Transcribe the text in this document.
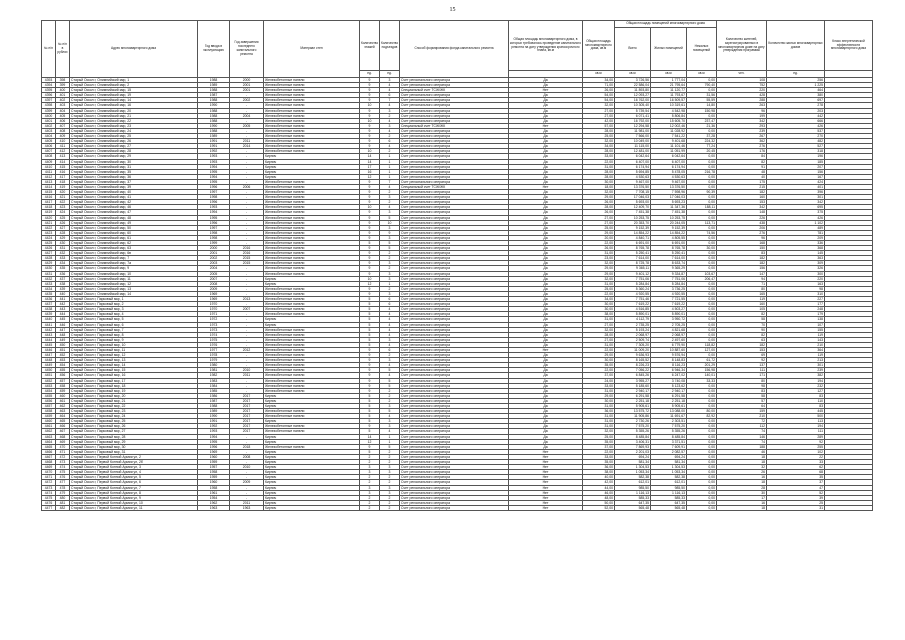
15
№ п/п	№ п/п в рублях	Адрес многоквартирного дома	Год ввода в эксплуатацию	Год завершения последнего капитального ремонта	Материал стен	Количество этажей	Количество подъездов	Способ формирования фонда капитального ремонта	Общая площадь многоквартирного дома, в которых требовалось проведение капитального ремонта на дату утверждения краткосрочного плана, кв.м	Общая площадь многоквартирного дома, кв.м	Общая площадь помещений многоквартирного дома			Количество жителей, зарегистрированных в многоквартирном доме на дату утверждения программы	Количество жилых многоквартирных домов	Класс энергетической эффективности многоквартирного дома
											Всего	Жилых помещений	Нежилых помещений			
						ед.	ед.			кв.м	кв.м	кв.м	кв.м	чел.	ед.	
4393	398	Старый Оскол г, Олимпийский мкр, 1	1988	2000	Железобетонные панели	9	3	Счет регионального оператора	Да	34,00	3 726,56	1 777,04	0,00	108	256	
4394	399	Старый Оскол г, Олимпийский мкр, 2	1989	2001	Железобетонные панели	9	4	Счет регионального оператора	Да	71,00	22 586,04	21 795,64	790,40	752	1 225	
4395	400	Старый Оскол г, Олимпийский мкр, 15	1988	2001	Железобетонные панели	9	4	Специальный счет ТСЖ/ЖК	Нет	26,00	11 893,80	11 120,77	0,00	220	464	
4396	401	Старый Оскол г, Олимпийский мкр, 19	1987	-	Железобетонные панели	9	6	Счет регионального оператора	Да	54,00	12 093,27	11 793,67	31,56	428	380	
4397	402	Старый Оскол г, Олимпийский мкр, 14	1988	2002	Железобетонные панели	9	7	Счет регионального оператора	Да	54,00	16 762,00	16 509,57	55,59	288	697	
4398	403	Старый Оскол г, Олимпийский мкр, 16	1990	-	Железобетонные панели	10	4	Счет регионального оператора	Да	32,00	10 305,40	10 319,61	14,80	263	278	
4399	404	Старый Оскол г, Олимпийский мкр, 20	1988	-	Железобетонные панели	9	3	Счет регионального оператора	Да	27,00	5 739,54	4 542,98	150,98	96	203	
4400	405	Старый Оскол г, Олимпийский мкр, 21	1988	2004	Железобетонные панели	9	2	Счет регионального оператора	Да	27,00	6 071,41	5 806,84	0,00	199	442	
4401	406	Старый Оскол г, Олимпийский мкр, 22	1988	-	Железобетонные панели	10	4	Счет регионального оператора	Да	42,00	16 792,00	15 605,70	237,47	342	666	
4402	407	Старый Оскол г, Олимпийский мкр, 23	1990	2005	Железобетонные панели	9	3	Специальный счет ТСЖ/ЖК	Нет	57,00	12 294,58	12 002,46	21,36	293	426	
4403	408	Старый Оскол г, Олимпийский мкр, 24	1988	-	Железобетонные панели	9	4	Счет регионального оператора	Да	28,00	11 981,00	11 028,92	0,00	239	537	
4404	409	Старый Оскол г, Олимпийский мкр, 25	1989	-	Железобетонные панели	9	2	Счет регионального оператора	Да	25,00	7 566,00	7 541,22	37,28	267	270	
4405	410	Старый Оскол г, Олимпийский мкр, 26	1991	2011	Железобетонные панели	9	6	Счет регионального оператора	Да	32,00	10 049,00	9 401,68	224,32	362	482	
4406	411	Старый Оскол г, Олимпийский мкр, 27	1991	2014	Железобетонные панели	9	4	Счет регионального оператора	Да	34,00	11 115,00	11 101,46	77,24	276	527	
4407	412	Старый Оскол г, Олимпийский мкр, 28	1992	-	Железобетонные панели	10	2	Счет регионального оператора	Да	28,00	12 481,00	11 051,99	20,45	176	318	
4408	413	Старый Оскол г, Олимпийский мкр, 29	1993	-	Кирпич	14	1	Счет регионального оператора	Да	33,00	6 042,64	6 042,64	0,00	84	196	
4409	414	Старый Оскол г, Олимпийский мкр, 30	1993	-	Кирпич	14	1	Счет регионального оператора	Да	22,00	6 407,00	6 407,00	0,00	82	185	
4410	415	Старый Оскол г, Олимпийский мкр, 31	1994	-	Кирпич	17	1	Счет регионального оператора	Да	31,00	6 174,94	6 174,94	0,00	91	207	
4411	416	Старый Оскол г, Олимпийский мкр, 35	1995	-	Кирпич	16	1	Счет регионального оператора	Да	28,00	5 694,85	5 478,05	216,78	48	156	
4412	417	Старый Оскол г, Олимпийский мкр, 36	1994	-	Кирпич	12	1	Счет регионального оператора	Да	28,00	4 530,63	4 530,63	0,00	40	167	
4413	418	Старый Оскол г, Олимпийский мкр, 37	1995	-	Железобетонные панели	9	7	Счет регионального оператора	Да	30,00	9 467,00	9 467,00	0,00	175	424	
4414	419	Старый Оскол г, Олимпийский мкр, 39	1996	2006	Железобетонные панели	9	4	Специальный счет ТСЖ/ЖК	Нет	18,00	13 376,50	13 376,50	0,00	215	401	
4415	420	Старый Оскол г, Олимпийский мкр, 40	1997	-	Железобетонные панели	9	2	Счет регионального оператора	Да	32,00	7 708,15	7 598,96	90,39	182	396	
4416	421	Старый Оскол г, Олимпийский мкр, 41	1998	-	Железобетонные панели	9	3	Счет регионального оператора	Да	29,00	17 046,03	17 046,03	0,00	160	301	
4417	422	Старый Оскол г, Олимпийский мкр, 42	1996	-	Железобетонные панели	9	2	Счет регионального оператора	Да	26,00	5 693,00	5 693,23	0,00	153	342	
4418	423	Старый Оскол г, Олимпийский мкр, 46	1993	-	Железобетонные панели	10	4	Счет регионального оператора	Да	28,00	12 409,70	11 347,36	188,11	342	695	
4419	424	Старый Оскол г, Олимпийский мкр, 47	1994	-	Железобетонные панели	9	3	Счет регионального оператора	Да	26,00	7 451,38	7 451,38	0,00	148	375	
4420	425	Старый Оскол г, Олимпийский мкр, 48	1995	-	Железобетонные панели	9	5	Счет регионального оператора	Да	27,00	10 253,75	10 253,75	0,00	226	426	
4421	426	Старый Оскол г, Олимпийский мкр, 49	1996	-	Железобетонные панели	9	10	Счет регионального оператора	Да	27,00	20 353,70	20 244,05	113,71	438	1 102	
4422	427	Старый Оскол г, Олимпийский мкр, 50	1997	-	Железобетонные панели	9	3	Счет регионального оператора	Да	25,00	9 152,39	9 152,39	0,00	206	489	
4423	428	Старый Оскол г, Олимпийский мкр, 60	1998	-	Железобетонные панели	9	9	Счет регионального оператора	Да	29,00	14 854,22	14 854,22	74,56	276	781	
4424	429	Старый Оскол г, Олимпийский мкр, 61	1998	-	Железобетонные панели	9	3	Счет регионального оператора	Да	20,00	4 840,71	4 805,55	0,00	96	209	
4425	430	Старый Оскол г, Олимпийский мкр, 62	1999	-	Железобетонные панели	5	5	Счет регионального оператора	Да	22,00	6 691,00	6 691,00	0,00	168	336	
4426	431	Старый Оскол г, Олимпийский мкр, 63	2000	2016	Железобетонные панели	9	5	Счет регионального оператора	Да	26,00	8 765,78	8 765,78	30,00	150	368	
4427	432	Старый Оскол г, Олимпийский мкр, 6в	2001	2016	Железобетонные панели	9	2	Счет регионального оператора	Да	31,00	5 250,41	5 250,41	0,00	83	145	
4428	433	Старый Оскол г, Олимпийский мкр, 7	2002	2015	Железобетонные панели	9	2	Счет регионального оператора	Да	23,00	7 614,00	7 614,00	0,00	182	363	
4429	434	Старый Оскол г, Олимпийский мкр, 7а	2003	2015	Железобетонные панели	9	3	Счет регионального оператора	Да	32,00	8 725,78	8 633,74	0,00	182	309	
4430	435	Старый Оскол г, Олимпийский мкр, 9	2004	-	Железобетонные панели	9	2	Счет регионального оператора	Да	29,00	9 365,11	9 365,29	0,00	156	326	
4431	436	Старый Оскол г, Олимпийский мкр, 10	2005	-	Железобетонные панели	9	3	Счет регионального оператора	Да	29,00	9 401,12	9 334,87	103,67	147	300	
4432	437	Старый Оскол г, Олимпийский мкр, 11	2007	-	Кирпич	10	3	Счет регионального оператора	Да	32,00	7 751,06	7 751,06	206,47	94	220	
4433	438	Старый Оскол г, Олимпийский мкр, 12	2008	-	Кирпич	12	1	Счет регионального оператора	Да	31,00	5 284,84	5 284,84	0,00	71	163	
4434	439	Старый Оскол г, Олимпийский мкр, 13	2009	-	Железобетонные панели	9	2	Счет регионального оператора	Да	25,00	5 360,24	3 736,25	0,00	80	98	
4435	440	Старый Оскол г, Олимпийский мкр, 14	1969	-	Железобетонные панели	9	3	Счет регионального оператора	Да	22,00	4 920,55	4 920,55	0,00	165	310	
4436	441	Старый Оскол г, Парковый мкр, 1	1969	2013	Железобетонные панели	5	6	Счет регионального оператора	Да	34,00	7 751,46	7 721,55	0,00	119	227	
4437	442	Старый Оскол г, Парковый мкр, 2	1970	-	Железобетонные панели	5	6	Счет регионального оператора	Да	30,00	7 619,22	7 619,22	0,00	160	177	
4438	443	Старый Оскол г, Парковый мкр, 3	1970	2007	Железобетонные панели	5	4	Счет регионального оператора	Да	30,00	4 516,85	4 503,27	0,00	105	248	
4439	444	Старый Оскол г, Парковый мкр, 4	1971	-	Железобетонные панели	5	4	Счет регионального оператора	Да	38,00	5 890,01	5 890,01	0,00	82	179	
4440	445	Старый Оскол г, Парковый мкр, 5	1972	-	Кирпич	5	4	Счет регионального оператора	Да	31,00	4 112,79	3 950,72	0,00	58	138	
4441	446	Старый Оскол г, Парковый мкр, 6	1973	-	Кирпич	5	4	Счет регионального оператора	Да	27,00	2 735,25	2 705,25	0,00	70	107	
4442	447	Старый Оскол г, Парковый мкр, 7	1973	-	Железобетонные панели	5	4	Счет регионального оператора	Да	32,00	5 193,24	4 821,68	0,00	90	155	
4443	448	Старый Оскол г, Парковый мкр, 8	1974	-	Железобетонные панели	5	4	Счет регионального оператора	Да	28,00	2 068,97	2 068,97	0,00	82	119	
4444	449	Старый Оскол г, Парковый мкр, 9	1975	-	Железобетонные панели	5	3	Счет регионального оператора	Да	27,00	2 509,74	2 497,60	0,00	63	143	
4445	450	Старый Оскол г, Парковый мкр, 10	1976	-	Железобетонные панели	5	4	Счет регионального оператора	Да	31,00	7 305,20	6 779,90	118,82	182	210	
4446	451	Старый Оскол г, Парковый мкр, 11	1977	2012	Железобетонные панели	9	6	Счет регионального оператора	Нет	22,00	11 009,20	10 887,60	127,00	153	364	
4447	452	Старый Оскол г, Парковый мкр, 12	1978	-	Железобетонные панели	9	2	Счет регионального оператора	Да	29,00	9 636,93	9 576,94	0,00	69	119	
4448	453	Старый Оскол г, Парковый мкр, 13	1979	-	Железобетонные панели	9	3	Счет регионального оператора	Да	30,00	8 165,52	8 148,83	61,72	92	213	
4449	454	Старый Оскол г, Парковый мкр, 14	1980	-	Железобетонные панели	9	4	Счет регионального оператора	Да	35,00	8 226,23	8 116,23	201,29	137	301	
4450	455	Старый Оскол г, Парковый мкр, 15	1981	2010	Железобетонные панели	9	5	Счет регионального оператора	Да	22,00	7 056,22	6 946,34	156,98	111	239	
4451	456	Старый Оскол г, Парковый мкр, 16	1982	2011	Железобетонные панели	9	4	Счет регионального оператора	Да	37,00	6 845,26	6 247,02	140,01	171	382	
4452	457	Старый Оскол г, Парковый мкр, 17	1983	-	Железобетонные панели	9	5	Счет регионального оператора	Да	24,00	3 955,27	3 740,08	33,33	80	194	
4453	458	Старый Оскол г, Парковый мкр, 18	1984	-	Железобетонные панели	9	5	Счет регионального оператора	Да	33,00	5 185,60	5 123,62	0,00	98	232	
4454	459	Старый Оскол г, Парковый мкр, 19	1985	-	Железобетонные панели	9	2	Счет регионального оператора	Да	31,00	2 940,17	2 940,17	0,00	83	127	
4455	460	Старый Оскол г, Парковый мкр, 20	1986	2017	Кирпич	5	2	Счет регионального оператора	Да	29,00	6 291,58	6 291,58	0,00	58	83	
4456	461	Старый Оскол г, Парковый мкр, 21	1987	2017	Кирпич	5	2	Счет регионального оператора	Да	30,00	2 251,18	2 251,18	0,00	57	110	
4457	462	Старый Оскол г, Парковый мкр, 22	1988	2017	Кирпич	5	3	Счет регионального оператора	Да	31,00	5 905,61	5 905,61	0,00	64	83	
4458	463	Старый Оскол г, Парковый мкр, 23	1989	2017	Железобетонные панели	5	5	Счет регионального оператора	Да	36,00	13 575,72	13 088,00	80,00	159	445	
4459	464	Старый Оскол г, Парковый мкр, 24	1990	2017	Железобетонные панели	5	4	Счет регионального оператора	Да	31,00	11 905,86	11 691,67	82,92	210	500	
4460	465	Старый Оскол г, Парковый мкр, 25	1991	2017	Кирпич	5	3	Счет регионального оператора	Да	31,00	2 730,26	2 303,51	0,00	72	113	
4461	466	Старый Оскол г, Парковый мкр, 26	1992	2017	Железобетонные панели	9	3	Счет регионального оператора	Да	31,00	7 575,20	7 575,20	0,00	112	194	
4462	467	Старый Оскол г, Парковый мкр, 27	1993	2017	Железобетонные панели	5	4	Счет регионального оператора	Да	32,00	5 355,26	5 355,26	0,00	74	111	
4463	468	Старый Оскол г, Парковый мкр, 28	1994	-	Кирпич	14	1	Счет регионального оператора	Да	25,00	8 485,84	8 485,84	0,00	146	289	
4464	469	Старый Оскол г, Парковый мкр, 29	1995	-	Кирпич	12	1	Счет регионального оператора	Да	35,00	3 406,31	3 371,51	0,00	74	92	
4465	470	Старый Оскол г, Парковый мкр, 30	1996	2018	Железобетонные панели	9	5	Счет регионального оператора	Да	37,00	7 869,93	7 609,91	0,00	188	255	
4466	471	Старый Оскол г, Парковый мкр, 31	1969	-	Кирпич	5	2	Счет регионального оператора	Нет	22,00	2 201,03	2 082,57	0,00	46	102	
4467	472	Старый Оскол г, Первой Конной Армии ул, 2	1960	2008	Кирпич	2	2	Счет регионального оператора	Нет	33,00	694,24	694,24	0,00	18	22	
4468	473	Старый Оскол г, Первой Конной Армии ул, 2б	1959	-	Кирпич	2	2	Счет регионального оператора	Нет	35,00	581,34	581,34	0,00	18	33	
4469	474	Старый Оскол г, Первой Конной Армии ул, 3	1957	2010	Кирпич	3	3	Счет регионального оператора	Нет	36,00	1 304,53	1 304,53	0,00	32	62	
4470	475	Старый Оскол г, Первой Конной Армии ул, 4	1958	-	Кирпич	3	3	Счет регионального оператора	Нет	38,00	1 053,34	1 053,34	0,00	26	68	
4471	476	Старый Оскол г, Первой Конной Армии ул, 5	1959	-	Кирпич	2	2	Счет регионального оператора	Нет	40,00	582,38	582,38	0,00	16	35	
4472	477	Старый Оскол г, Первой Конной Армии ул, 6	1960	2009	Кирпич	2	2	Счет регионального оператора	Нет	42,00	612,01	612,01	0,00	18	37	
4473	478	Старый Оскол г, Первой Конной Армии ул, 7	1958	-	Кирпич	3	3	Счет регионального оператора	Нет	44,00	985,50	985,50	0,00	28	47	
4474	479	Старый Оскол г, Первой Конной Армии ул, 8	1961	-	Кирпич	3	3	Счет регионального оператора	Нет	46,00	1 116,13	1 116,13	0,00	30	52	
4475	480	Старый Оскол г, Первой Конной Армии ул, 9	1954	-	Кирпич	2	2	Счет регионального оператора	Нет	48,00	585,33	585,33	0,00	17	39	
4476	481	Старый Оскол г, Первой Конной Армии ул, 10	1962	2011	Кирпич	2	2	Счет регионального оператора	Нет	50,00	647,35	647,35	0,00	16	25	
4477	482	Старый Оскол г, Первой Конной Армии ул, 11	1963	1963	Кирпич	2	2	Счет регионального оператора	Нет	52,00	565,48	565,48	0,00	18	31	
